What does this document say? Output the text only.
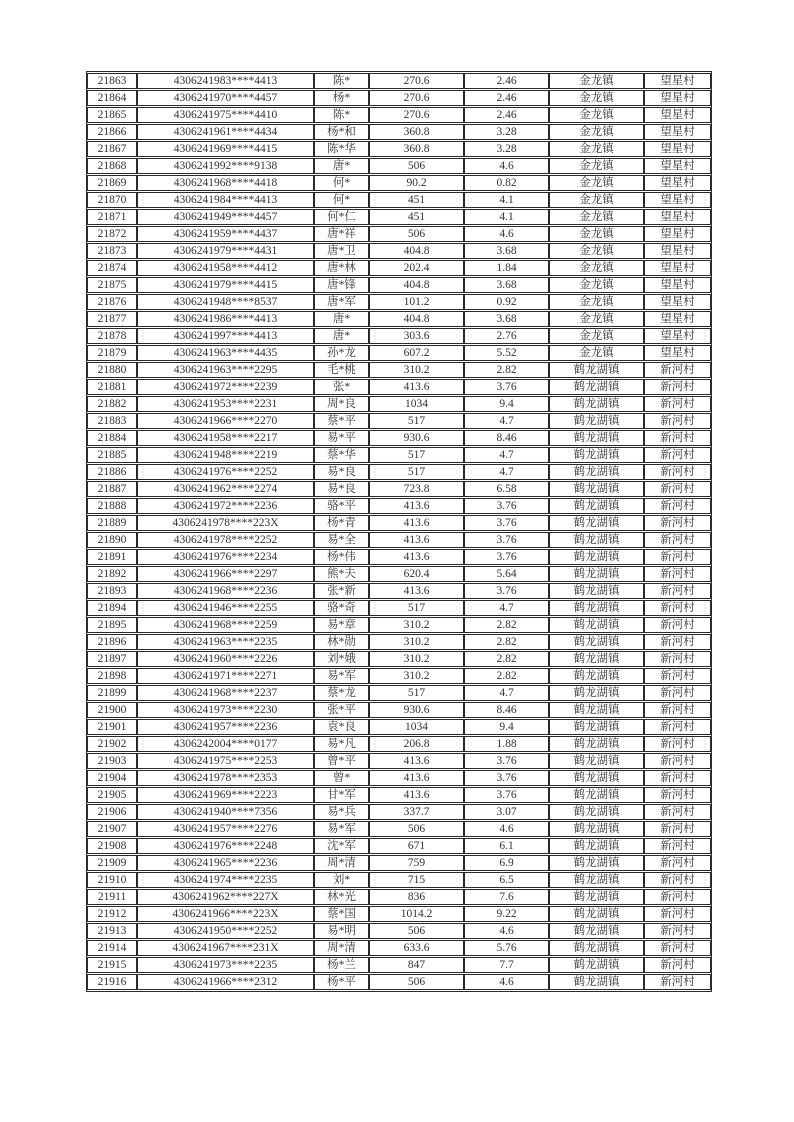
21863	4306241983****4413	陈*	270.6	2.46	金龙镇	望星村
21864	4306241970****4457	杨*	270.6	2.46	金龙镇	望星村
21865	4306241975****4410	陈*	270.6	2.46	金龙镇	望星村
21866	4306241961****4434	杨*和	360.8	3.28	金龙镇	望星村
21867	4306241969****4415	陈*华	360.8	3.28	金龙镇	望星村
21868	4306241992****9138	唐*	506	4.6	金龙镇	望星村
21869	4306241968****4418	何*	90.2	0.82	金龙镇	望星村
21870	4306241984****4413	何*	451	4.1	金龙镇	望星村
21871	4306241949****4457	何*仁	451	4.1	金龙镇	望星村
21872	4306241959****4437	唐*祥	506	4.6	金龙镇	望星村
21873	4306241979****4431	唐*卫	404.8	3.68	金龙镇	望星村
21874	4306241958****4412	唐*林	202.4	1.84	金龙镇	望星村
21875	4306241979****4415	唐*锋	404.8	3.68	金龙镇	望星村
21876	4306241948****8537	唐*军	101.2	0.92	金龙镇	望星村
21877	4306241986****4413	唐*	404.8	3.68	金龙镇	望星村
21878	4306241997****4413	唐*	303.6	2.76	金龙镇	望星村
21879	4306241963****4435	孙*龙	607.2	5.52	金龙镇	望星村
21880	4306241963****2295	毛*桃	310.2	2.82	鹤龙湖镇	新河村
21881	4306241972****2239	张*	413.6	3.76	鹤龙湖镇	新河村
21882	4306241953****2231	周*良	1034	9.4	鹤龙湖镇	新河村
21883	4306241966****2270	蔡*平	517	4.7	鹤龙湖镇	新河村
21884	4306241958****2217	易*平	930.6	8.46	鹤龙湖镇	新河村
21885	4306241948****2219	蔡*华	517	4.7	鹤龙湖镇	新河村
21886	4306241976****2252	易*良	517	4.7	鹤龙湖镇	新河村
21887	4306241962****2274	易*良	723.8	6.58	鹤龙湖镇	新河村
21888	4306241972****2236	骆*平	413.6	3.76	鹤龙湖镇	新河村
21889	4306241978****223X	杨*青	413.6	3.76	鹤龙湖镇	新河村
21890	4306241978****2252	易*全	413.6	3.76	鹤龙湖镇	新河村
21891	4306241976****2234	杨*伟	413.6	3.76	鹤龙湖镇	新河村
21892	4306241966****2297	熊*夫	620.4	5.64	鹤龙湖镇	新河村
21893	4306241968****2236	张*新	413.6	3.76	鹤龙湖镇	新河村
21894	4306241946****2255	骆*奇	517	4.7	鹤龙湖镇	新河村
21895	4306241968****2259	易*章	310.2	2.82	鹤龙湖镇	新河村
21896	4306241963****2235	林*勋	310.2	2.82	鹤龙湖镇	新河村
21897	4306241960****2226	刘*娥	310.2	2.82	鹤龙湖镇	新河村
21898	4306241971****2271	易*军	310.2	2.82	鹤龙湖镇	新河村
21899	4306241968****2237	蔡*龙	517	4.7	鹤龙湖镇	新河村
21900	4306241973****2230	张*平	930.6	8.46	鹤龙湖镇	新河村
21901	4306241957****2236	袁*良	1034	9.4	鹤龙湖镇	新河村
21902	4306242004****0177	易*凡	206.8	1.88	鹤龙湖镇	新河村
21903	4306241975****2253	曾*平	413.6	3.76	鹤龙湖镇	新河村
21904	4306241978****2353	曾*	413.6	3.76	鹤龙湖镇	新河村
21905	4306241969****2223	甘*军	413.6	3.76	鹤龙湖镇	新河村
21906	4306241940****7356	易*兵	337.7	3.07	鹤龙湖镇	新河村
21907	4306241957****2276	易*军	506	4.6	鹤龙湖镇	新河村
21908	4306241976****2248	沈*军	671	6.1	鹤龙湖镇	新河村
21909	4306241965****2236	周*清	759	6.9	鹤龙湖镇	新河村
21910	4306241974****2235	刘*	715	6.5	鹤龙湖镇	新河村
21911	4306241962****227X	林*光	836	7.6	鹤龙湖镇	新河村
21912	4306241966****223X	蔡*国	1014.2	9.22	鹤龙湖镇	新河村
21913	4306241950****2252	易*明	506	4.6	鹤龙湖镇	新河村
21914	4306241967****231X	周*清	633.6	5.76	鹤龙湖镇	新河村
21915	4306241973****2235	杨*兰	847	7.7	鹤龙湖镇	新河村
21916	4306241966****2312	杨*平	506	4.6	鹤龙湖镇	新河村
